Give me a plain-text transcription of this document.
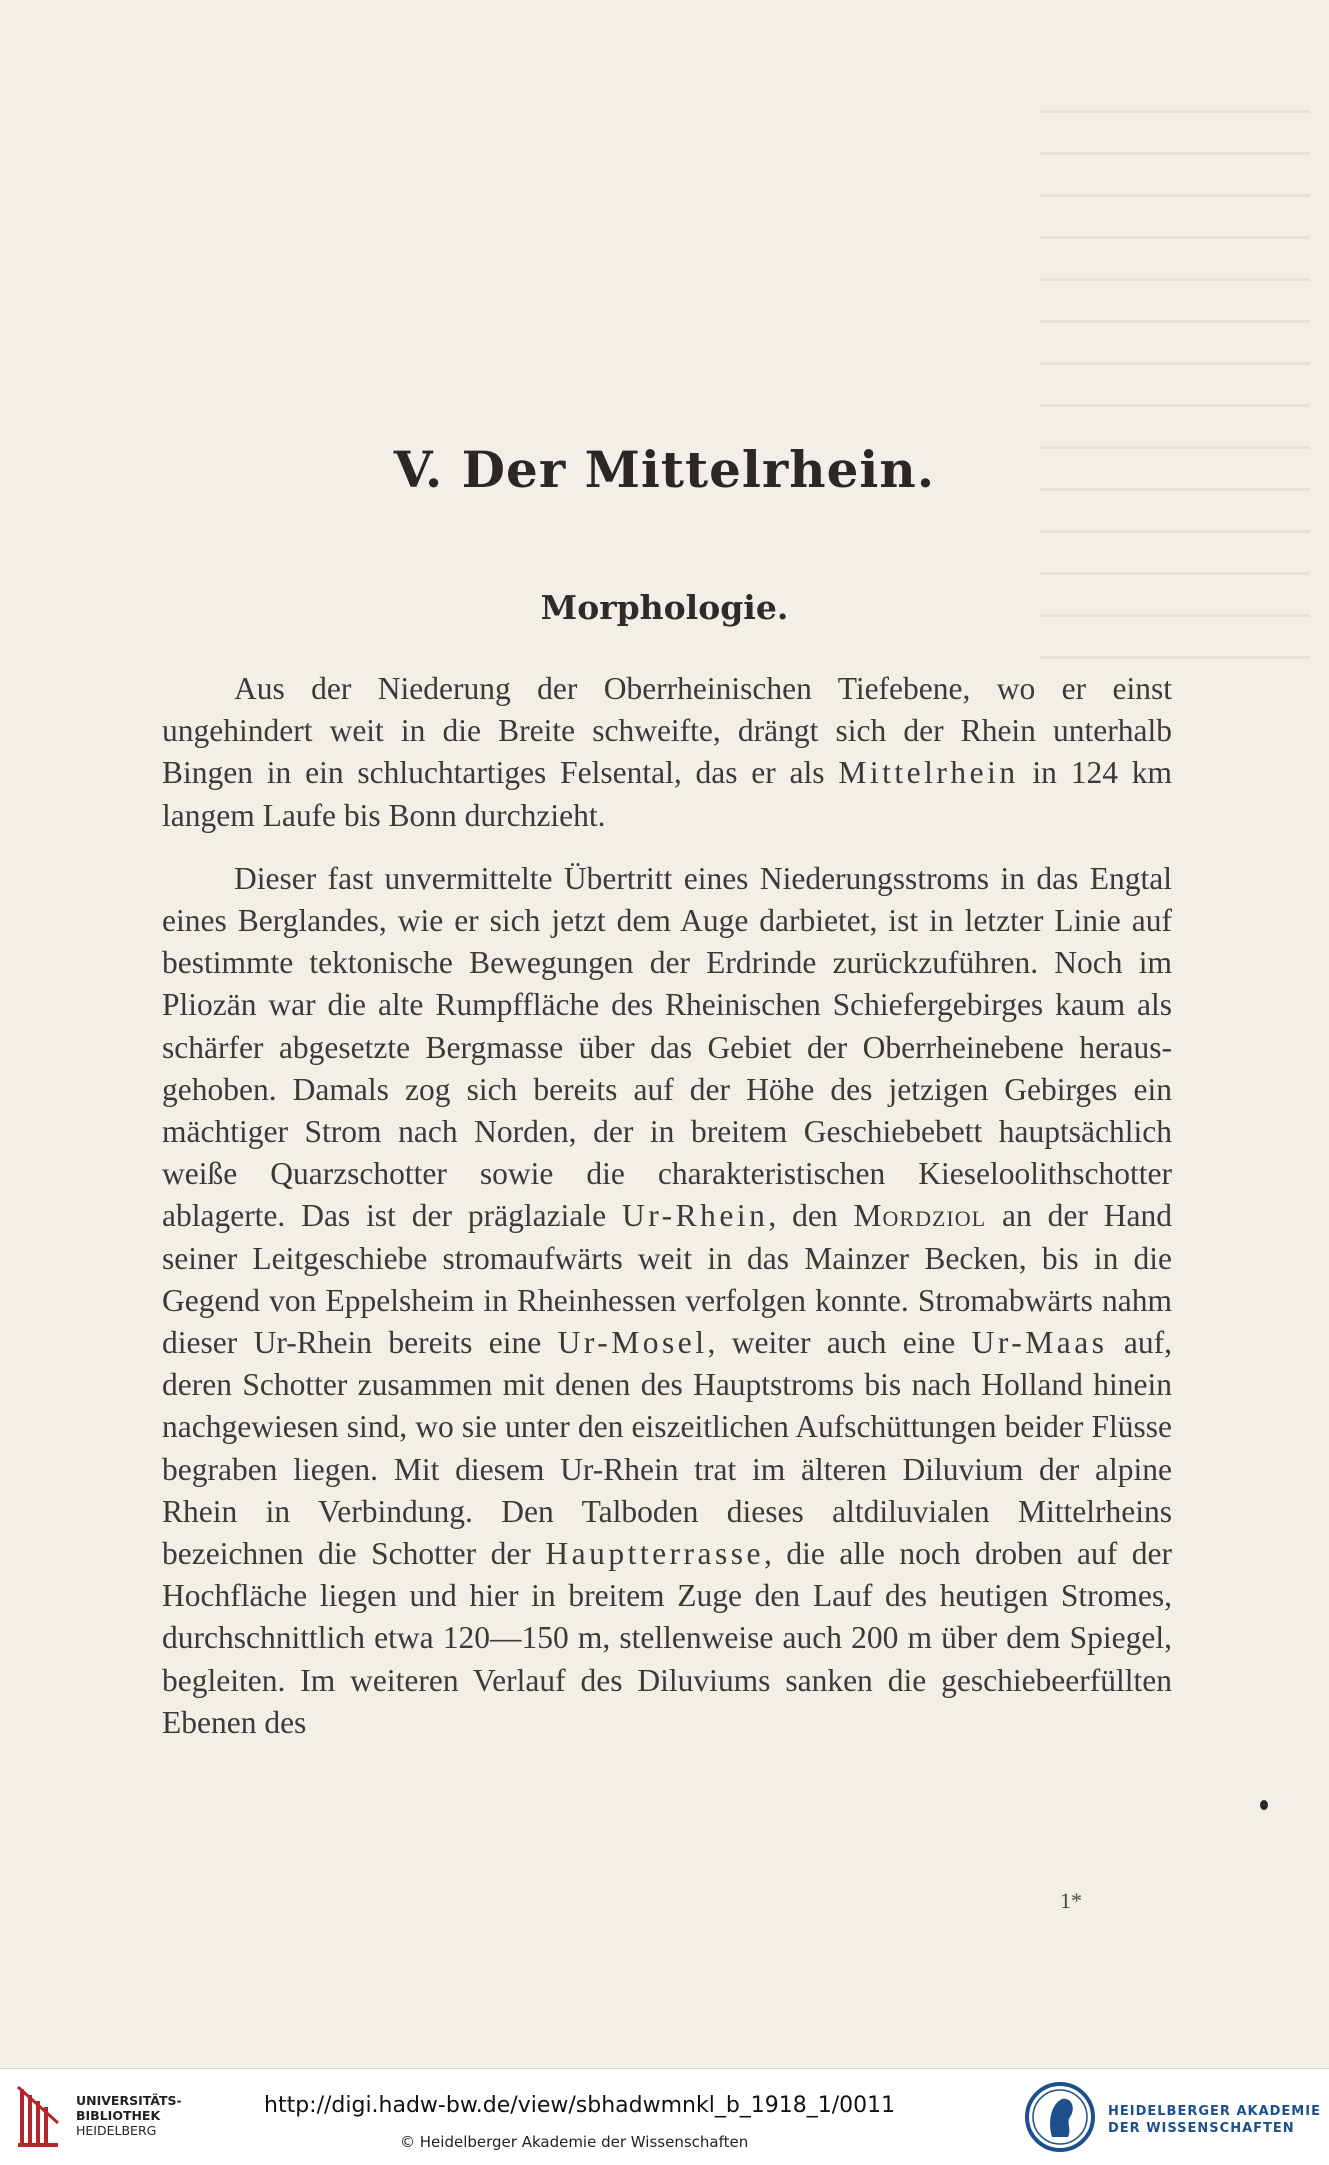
V. Der Mittelrhein.
Morphologie.

Aus der Niederung der Oberrheinischen Tiefebene, wo er einst ungehindert weit in die Breite schweifte, drängt sich der Rhein unterhalb Bingen in ein schluchtartiges Felsental, das er als Mittelrhein in 124 km langem Laufe bis Bonn durchzieht.

Dieser fast unvermittelte Übertritt eines Niederungsstroms in das Engtal eines Berglandes, wie er sich jetzt dem Auge darbietet, ist in letzter Linie auf bestimmte tektonische Bewegungen der Erdrinde zurückzuführen. Noch im Pliozän war die alte Rumpffläche des Rheinischen Schiefergebirges kaum als schärfer abgesetzte Bergmasse über das Gebiet der Oberrheinebene herausgehoben. Damals zog sich bereits auf der Höhe des jetzigen Gebirges ein mächtiger Strom nach Norden, der in breitem Geschiebebett hauptsächlich weiße Quarzschotter sowie die charakteristischen Kieseloolithschotter ablagerte. Das ist der präglaziale Ur-Rhein, den Mordziol an der Hand seiner Leitgeschiebe stromaufwärts weit in das Mainzer Becken, bis in die Gegend von Eppelsheim in Rheinhessen verfolgen konnte. Stromabwärts nahm dieser Ur-Rhein bereits eine Ur-Mosel, weiter auch eine Ur-Maas auf, deren Schotter zusammen mit denen des Hauptstroms bis nach Holland hinein nachgewiesen sind, wo sie unter den eiszeitlichen Aufschüttungen beider Flüsse begraben liegen. Mit diesem Ur-Rhein trat im älteren Diluvium der alpine Rhein in Verbindung. Den Talboden dieses altdiluvialen Mittelrheins bezeichnen die Schotter der Hauptterrasse, die alle noch droben auf der Hochfläche liegen und hier in breitem Zuge den Lauf des heutigen Stromes, durchschnittlich etwa 120—150 m, stellenweise auch 200 m über dem Spiegel, begleiten. Im weiteren Verlauf des Diluviums sanken die geschiebeerfüllten Ebenen des

1*
UNIVERSITÄTS-
BIBLIOTHEK
HEIDELBERG
http://digi.hadw-bw.de/view/sbhadwmnkl_b_1918_1/0011
© Heidelberger Akademie der Wissenschaften
HEIDELBERGER AKADEMIE
DER WISSENSCHAFTEN
